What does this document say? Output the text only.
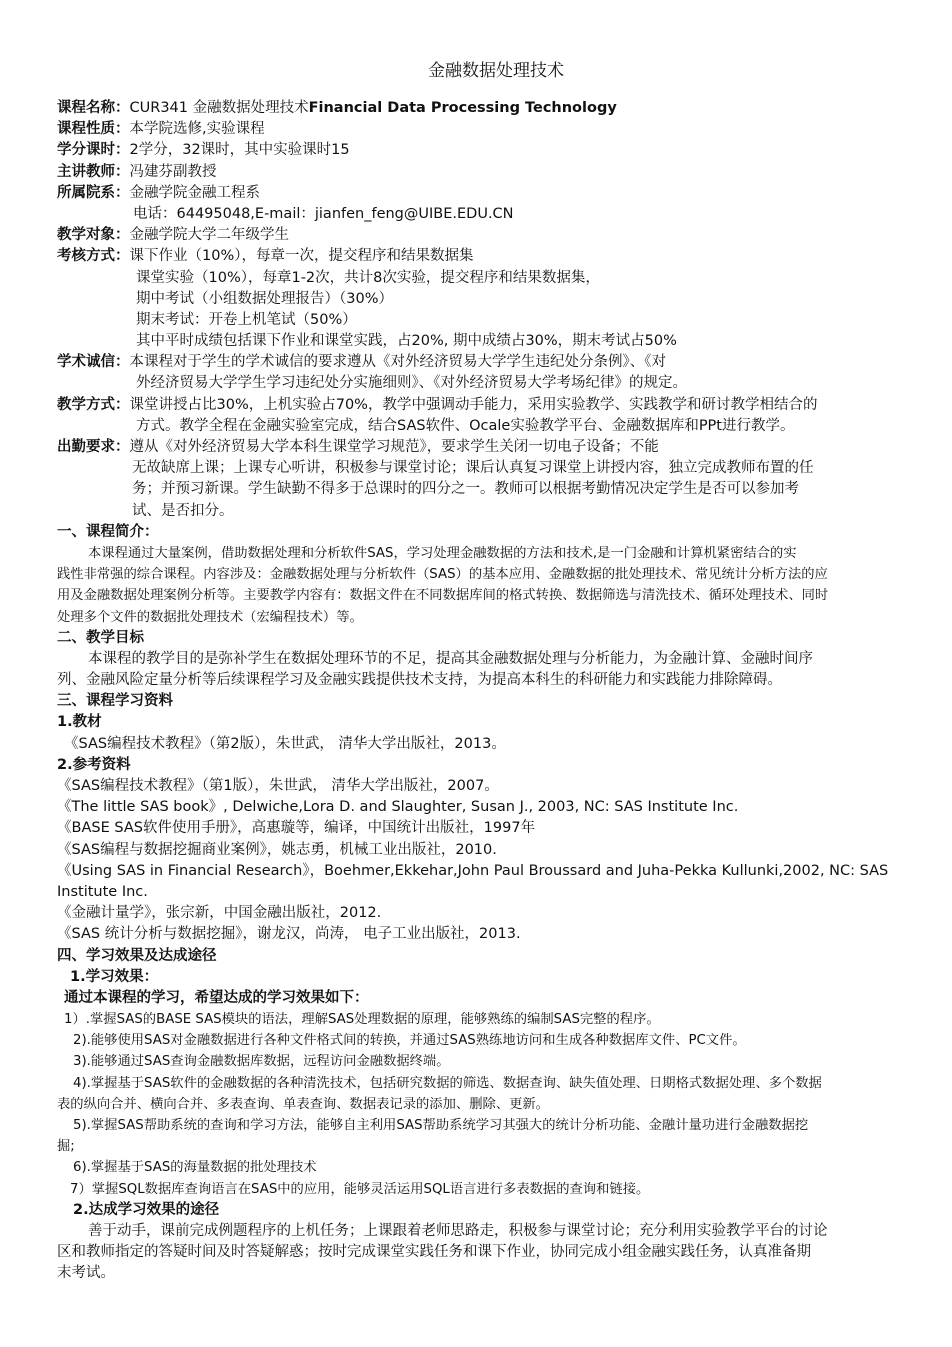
金融数据处理技术
课程名称：CUR341 金融数据处理技术Financial Data Processing Technology
课程性质：本学院选修,实验课程
学分课时：2学分，32课时，其中实验课时15
主讲教师：冯建芬副教授
所属院系：金融学院金融工程系
电话：64495048,E-mail：jianfen_feng@UIBE.EDU.CN
教学对象：金融学院大学二年级学生
考核方式：课下作业（10%），每章一次，提交程序和结果数据集
课堂实验（10%），每章1-2次，共计8次实验，提交程序和结果数据集，
期中考试（小组数据处理报告）（30%）
期末考试：开卷上机笔试（50%）
其中平时成绩包括课下作业和课堂实践，占20%, 期中成绩占30%，期末考试占50%
学术诚信：本课程对于学生的学术诚信的要求遵从《对外经济贸易大学学生违纪处分条例》、《对
外经济贸易大学学生学习违纪处分实施细则》、《对外经济贸易大学考场纪律》的规定。
教学方式：课堂讲授占比30%，上机实验占70%，教学中强调动手能力，采用实验教学、实践教学和研讨教学相结合的
方式。教学全程在金融实验室完成，结合SAS软件、Ocale实验教学平台、金融数据库和PPt进行教学。
出勤要求：遵从《对外经济贸易大学本科生课堂学习规范》，要求学生关闭一切电子设备；不能
无故缺席上课；上课专心听讲，积极参与课堂讨论；课后认真复习课堂上讲授内容，独立完成教师布置的任
务；并预习新课。学生缺勤不得多于总课时的四分之一。教师可以根据考勤情况决定学生是否可以参加考
试、是否扣分。
一、课程简介：
本课程通过大量案例，借助数据处理和分析软件SAS，学习处理金融数据的方法和技术,是一门金融和计算机紧密结合的实
践性非常强的综合课程。内容涉及：金融数据处理与分析软件（SAS）的基本应用、金融数据的批处理技术、常见统计分析方法的应
用及金融数据处理案例分析等。主要教学内容有：数据文件在不同数据库间的格式转换、数据筛选与清洗技术、循环处理技术、同时
处理多个文件的数据批处理技术（宏编程技术）等。
二、教学目标
本课程的教学目的是弥补学生在数据处理环节的不足，提高其金融数据处理与分析能力，为金融计算、金融时间序
列、金融风险定量分析等后续课程学习及金融实践提供技术支持，为提高本科生的科研能力和实践能力排除障碍。
三、课程学习资料
1.教材
《SAS编程技术教程》（第2版），朱世武， 清华大学出版社，2013。
2.参考资料
《SAS编程技术教程》（第1版），朱世武， 清华大学出版社，2007。
《The little SAS book》, Delwiche,Lora D. and Slaughter, Susan J., 2003, NC: SAS Institute Inc.
《BASE SAS软件使用手册》，高惠璇等，编译，中国统计出版社，1997年
《SAS编程与数据挖掘商业案例》，姚志勇，机械工业出版社，2010.
《Using SAS in Financial Research》，Boehmer,Ekkehar,John Paul Broussard and Juha-Pekka Kullunki,2002, NC: SAS
Institute Inc.
《金融计量学》，张宗新，中国金融出版社，2012.
《SAS 统计分析与数据挖掘》，谢龙汉，尚涛， 电子工业出版社，2013.
四、学习效果及达成途径
1.学习效果：
通过本课程的学习，希望达成的学习效果如下：
1）.掌握SAS的BASE SAS模块的语法，理解SAS处理数据的原理，能够熟练的编制SAS完整的程序。
2).能够使用SAS对金融数据进行各种文件格式间的转换，并通过SAS熟练地访问和生成各种数据库文件、PC文件。
3).能够通过SAS查询金融数据库数据，远程访问金融数据终端。
4).掌握基于SAS软件的金融数据的各种清洗技术，包括研究数据的筛选、数据查询、缺失值处理、日期格式数据处理、多个数据
表的纵向合并、横向合并、多表查询、单表查询、数据表记录的添加、删除、更新。
5).掌握SAS帮助系统的查询和学习方法，能够自主利用SAS帮助系统学习其强大的统计分析功能、金融计量功进行金融数据挖
掘;
6).掌握基于SAS的海量数据的批处理技术
7）掌握SQL数据库查询语言在SAS中的应用，能够灵活运用SQL语言进行多表数据的查询和链接。
2.达成学习效果的途径
善于动手，课前完成例题程序的上机任务；上课跟着老师思路走，积极参与课堂讨论；充分利用实验教学平台的讨论
区和教师指定的答疑时间及时答疑解惑；按时完成课堂实践任务和课下作业，协同完成小组金融实践任务，认真准备期
末考试。
